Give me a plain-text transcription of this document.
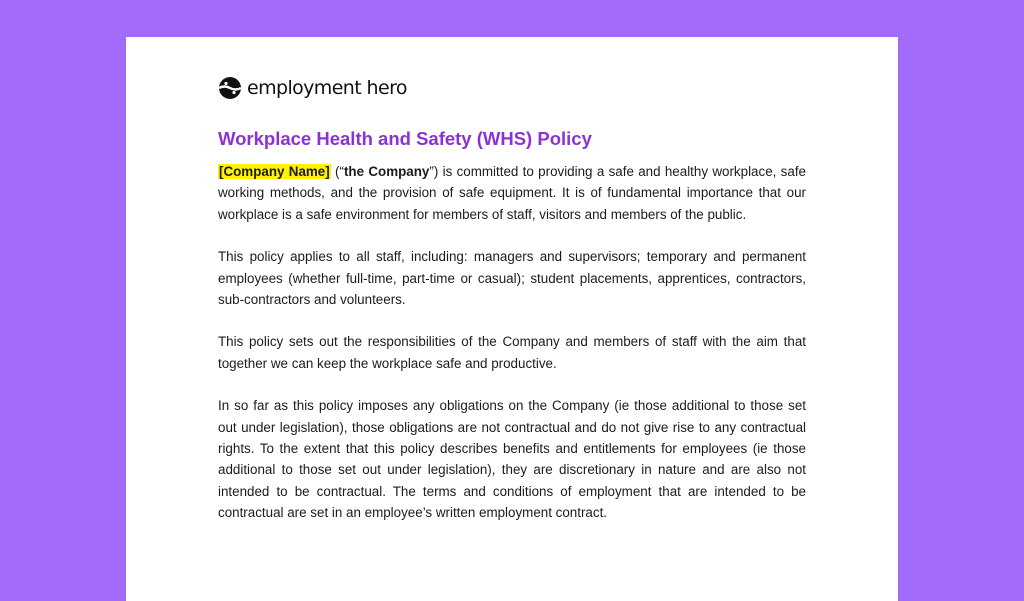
employment hero
Workplace Health and Safety (WHS) Policy

[Company Name] (“the Company”) is committed to providing a safe and healthy workplace, safe working methods, and the provision of safe equipment. It is of fundamental importance that our workplace is a safe environment for members of staff, visitors and members of the public.

This policy applies to all staff, including: managers and supervisors; temporary and permanent employees (whether full-time, part-time or casual); student placements, apprentices, contractors, sub-contractors and volunteers.

This policy sets out the responsibilities of the Company and members of staff with the aim that together we can keep the workplace safe and productive.

In so far as this policy imposes any obligations on the Company (ie those additional to those set out under legislation), those obligations are not contractual and do not give rise to any contractual rights. To the extent that this policy describes benefits and entitlements for employees (ie those additional to those set out under legislation), they are discretionary in nature and are also not intended to be contractual. The terms and conditions of employment that are intended to be contractual are set in an employee’s written employment contract.
